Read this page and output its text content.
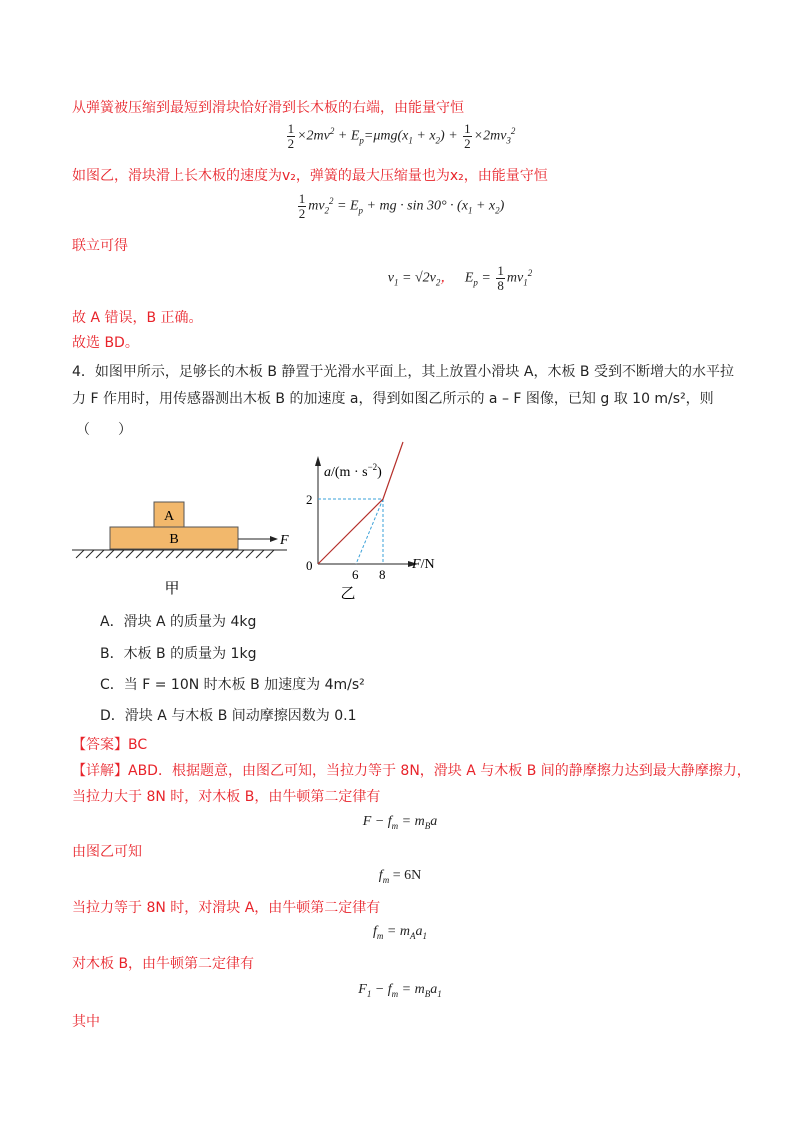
从弹簧被压缩到最短到滑块恰好滑到长木板的右端，由能量守恒
$\frac{1}{2} \times 2mv^2 + E_p=\mu mg(x_1 + x_2) + \frac{1}{2} \times 2mv_3^2$
如图乙，滑块滑上长木板的速度为v₂，弹簧的最大压缩量也为x₂，由能量守恒
$\frac{1}{2} mv_2^2 = E_p$ + mg · $\sin 30^\circ \cdot (x_1 + x_2)$
联立可得
$v_1 = √2v_2$， $E_p = \frac{1}{8} mv_1^2$
故 A 错误，B 正确。
故选 BD。
4．如图甲所示，足够长的木板 B 静置于光滑水平面上，其上放置小滑块 A，木板 B 受到不断增大的水平拉
力 F 作用时，用传感器测出木板 B 的加速度 a，得到如图乙所示的 a – F 图像，已知 g 取 10 m/s²，则
（　　）
A
B	F
甲
$a/(m \cdot s^{-2})$
F/N
0
2
6 8
乙
A．滑块 A 的质量为 4kg
B．木板 B 的质量为 1kg
C．当 F = 10N 时木板 B 加速度为 4m/s²
D．滑块 A 与木板 B 间动摩擦因数为 0.1
【答案】BC
【详解】ABD．根据题意，由图乙可知，当拉力等于 8N，滑块 A 与木板 B 间的静摩擦力达到最大静摩擦力，
当拉力大于 8N 时，对木板 B，由牛顿第二定律有
$F - f_m = m_Ba$
由图乙可知
$f_m = 6N$
当拉力等于 8N 时，对滑块 A，由牛顿第二定律有
$f_m = m_Aa_1$
对木板 B，由牛顿第二定律有
$F_1 - f_m = m_Ba_1$
其中
